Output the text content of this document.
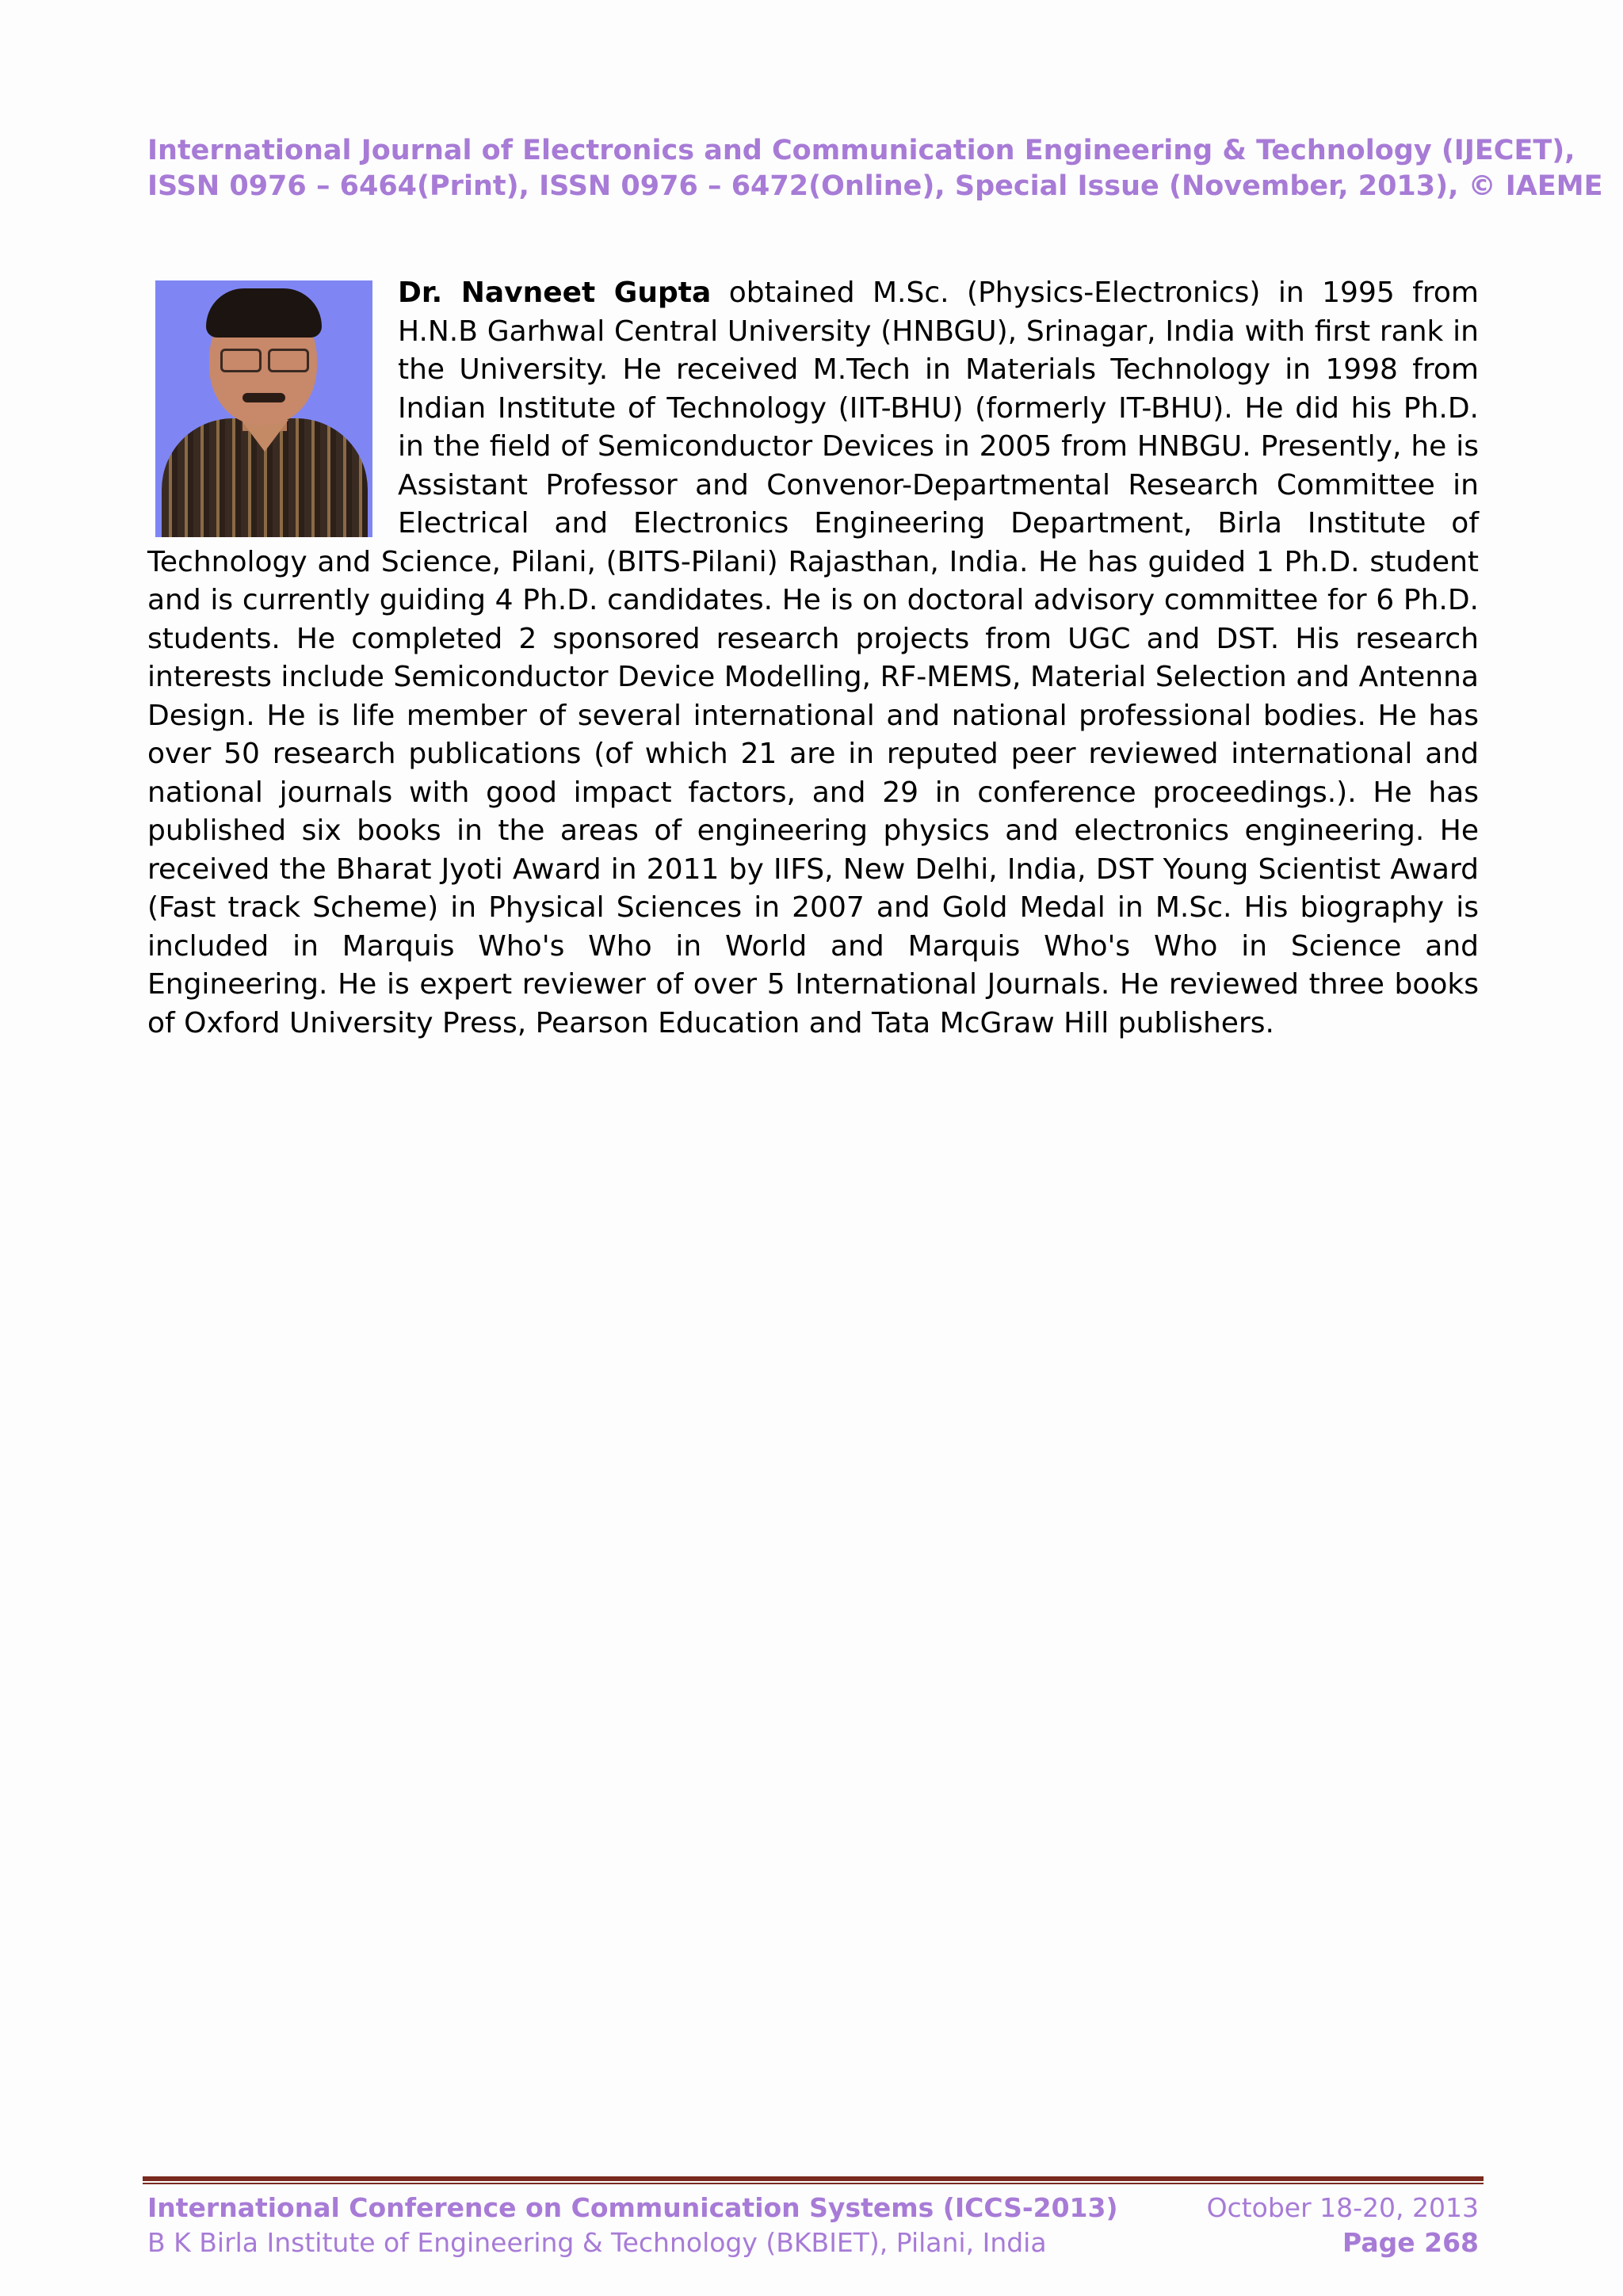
International Journal of Electronics and Communication Engineering & Technology (IJECET),
ISSN 0976 – 6464(Print), ISSN 0976 – 6472(Online), Special Issue (November, 2013), © IAEME
Dr. Navneet Gupta obtained M.Sc. (Physics-Electronics) in 1995 from H.N.B Garhwal Central University (HNBGU), Srinagar, India with first rank in the University. He received M.Tech in Materials Technology in 1998 from Indian Institute of Technology (IIT-BHU) (formerly IT-BHU). He did his Ph.D. in the field of Semiconductor Devices in 2005 from HNBGU. Presently, he is Assistant Professor and Convenor-Departmental Research Committee in Electrical and Electronics Engineering Department, Birla Institute of Technology and Science, Pilani, (BITS-Pilani) Rajasthan, India. He has guided 1 Ph.D. student and is currently guiding 4 Ph.D. candidates. He is on doctoral advisory committee for 6 Ph.D. students. He completed 2 sponsored research projects from UGC and DST. His research interests include Semiconductor Device Modelling, RF-MEMS, Material Selection and Antenna Design. He is life member of several international and national professional bodies. He has over 50 research publications (of which 21 are in reputed peer reviewed international and national journals with good impact factors, and 29 in conference proceedings.). He has published six books in the areas of engineering physics and electronics engineering. He received the Bharat Jyoti Award in 2011 by IIFS, New Delhi, India, DST Young Scientist Award (Fast track Scheme) in Physical Sciences in 2007 and Gold Medal in M.Sc. His biography is included in Marquis Who's Who in World and Marquis Who's Who in Science and Engineering. He is expert reviewer of over 5 International Journals. He reviewed three books of Oxford University Press, Pearson Education and Tata McGraw Hill publishers.
International Conference on Communication Systems (ICCS-2013)	October 18-20, 2013
B K Birla Institute of Engineering & Technology (BKBIET), Pilani, India	Page 268
